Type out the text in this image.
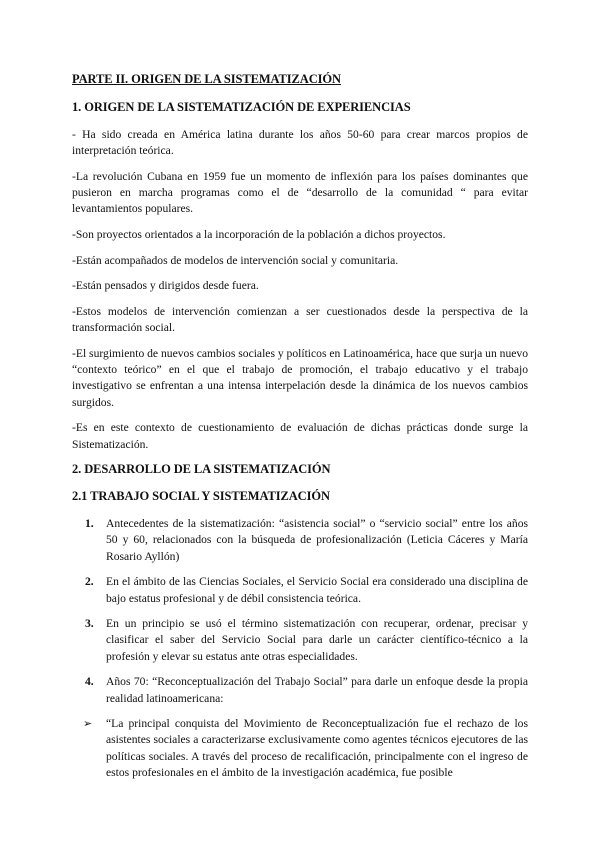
PARTE II. ORIGEN DE LA SISTEMATIZACIÓN
1. ORIGEN DE LA SISTEMATIZACIÓN DE EXPERIENCIAS

- Ha sido creada en América latina durante los años 50-60 para crear marcos propios de interpretación teórica.

-La revolución Cubana en 1959 fue un momento de inflexión para los países dominantes que pusieron en marcha programas como el de “desarrollo de la comunidad “ para evitar levantamientos populares.

-Son proyectos orientados a la incorporación de la población a dichos proyectos.

-Están acompañados de modelos de intervención social y comunitaria.

-Están pensados y dirigidos desde fuera.

-Estos modelos de intervención comienzan a ser cuestionados desde la perspectiva de la transformación social.

-El surgimiento de nuevos cambios sociales y políticos en Latinoamérica, hace que surja un nuevo “contexto teórico” en el que el trabajo de promoción, el trabajo educativo y el trabajo investigativo se enfrentan a una intensa interpelación desde la dinámica de los nuevos cambios surgidos.

-Es en este contexto de cuestionamiento de evaluación de dichas prácticas donde surge la Sistematización.

2. DESARROLLO DE LA SISTEMATIZACIÓN
2.1 TRABAJO SOCIAL Y SISTEMATIZACIÓN
1. Antecedentes de la sistematización: “asistencia social” o “servicio social” entre los años 50 y 60, relacionados con la búsqueda de profesionalización (Leticia Cáceres y María Rosario Ayllón)
2. En el ámbito de las Ciencias Sociales, el Servicio Social era considerado una disciplina de bajo estatus profesional y de débil consistencia teórica.
3. En un principio se usó el término sistematización con recuperar, ordenar, precisar y clasificar el saber del Servicio Social para darle un carácter científico-técnico a la profesión y elevar su estatus ante otras especialidades.
4. Años 70: “Reconceptualización del Trabajo Social” para darle un enfoque desde la propia realidad latinoamericana:
➢ “La principal conquista del Movimiento de Reconceptualización fue el rechazo de los asistentes sociales a caracterizarse exclusivamente como agentes técnicos ejecutores de las políticas sociales. A través del proceso de recalificación, principalmente con el ingreso de estos profesionales en el ámbito de la investigación académica, fue posible
